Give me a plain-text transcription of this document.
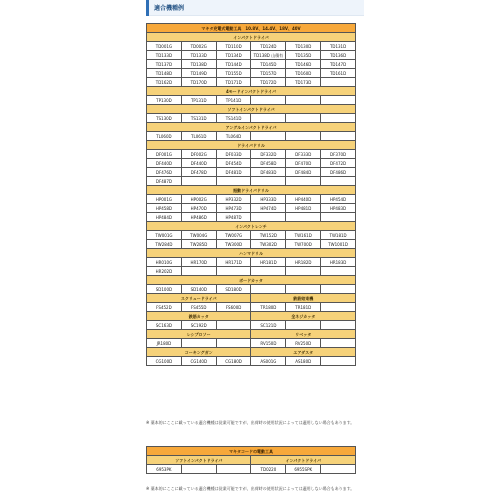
適合機種例
マキタ充電式電動工具　10.8V、14.4V、18V、40V					
インパクトドライバ					
TD001G	TD002G	TD110D	TD124D	TD130D	TD131D
TD133D	TD133D	TD134D	TD138D 山積有	TD135D	TD136D
TD137D	TD138D	TD144D	TD145D	TD146D	TD147D
TD148D	TD149D	TD155D	TD157D	TD160D	TD161D
TD162D	TD170D	TD171D	TD172D	TD173D	
4モードインパクトドライバ					
TP130D	TP131D	TP141D			
ソフトインパクトドライバ					
TS130D	TS131D	TS141D			
アングルインパクトドライバ					
TL060D	TL061D	TL064D			
ドライバドリル					
DF001G	DF002G	DF033D	DF332D	DF333D	DF370D
DF440D	DF440D	DF454D	DF458D	DF470D	DF472D
DF476D	DF478D	DF481D	DF483D	DF484D	DF486D
DF487D					
振動ドライバドリル					
HP001G	HP002G	HP332D	HP333D	HP440D	HP454D
HP458D	HP470D	HP473D	HP474D	HP481D	HP483D
HP484D	HP486D	HP487D			
インパクトレンチ					
TW001G	TW004G	TW007G	TW152D	TW161D	TW181D
TW284D	TW285D	TW300D	TW302D	TW700D	TW1001D
ハンマドリル					
HR010G	HR170D	HR171D	HR181D	HR182D	HR183D
HR202D					
ボードカッタ					
SD100D	SD140D	SD180D			
スクリュードライバ			鉄筋結束機		
FS452D	FS455D	FS600D	TR180D	TR181D	
鉄筋カッタ			全ネジカッタ		
SC163D	SC192D		SC121D		
レシプロソー			リベッタ		
JR180D			RV150D	RV250D	
コーキングガン			エアダスタ		
CG100D	CG140D	CG180D	AS001G	AS180D	
※ 薬本的にここに載っている適合機種は従業可能ですが、出荷時の使用状況によっては適用しない場合もあります。
マキタコードの電動工具					
ソフトインパクトドライバ			インパクトドライバ		
6953PK			TD0220	6955SPK	
※ 薬本的にここに載っている適合機種は従業可能ですが、出荷時の使用状況によっては適用しない場合もあります。
